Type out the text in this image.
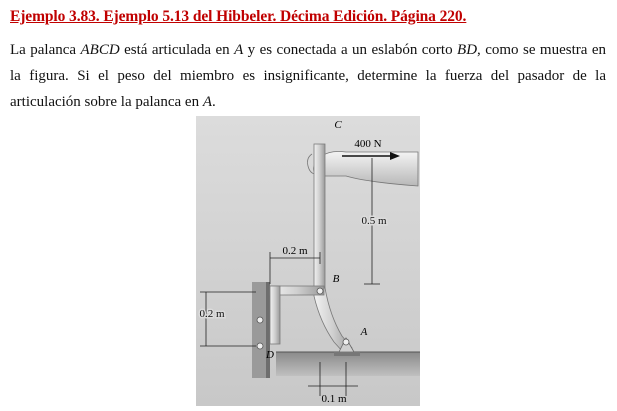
Ejemplo 3.83. Ejemplo 5.13 del Hibbeler. Décima Edición. Página 220.
La palanca ABCD está articulada en A y es conectada a un eslabón corto BD, como se muestra en la figura. Si el peso del miembro es insignificante, determine la fuerza del pasador de la articulación sobre la palanca en A.
400 N
0.5 m
0.2 m
0.2 m
0.1 m
C
B
A
D
